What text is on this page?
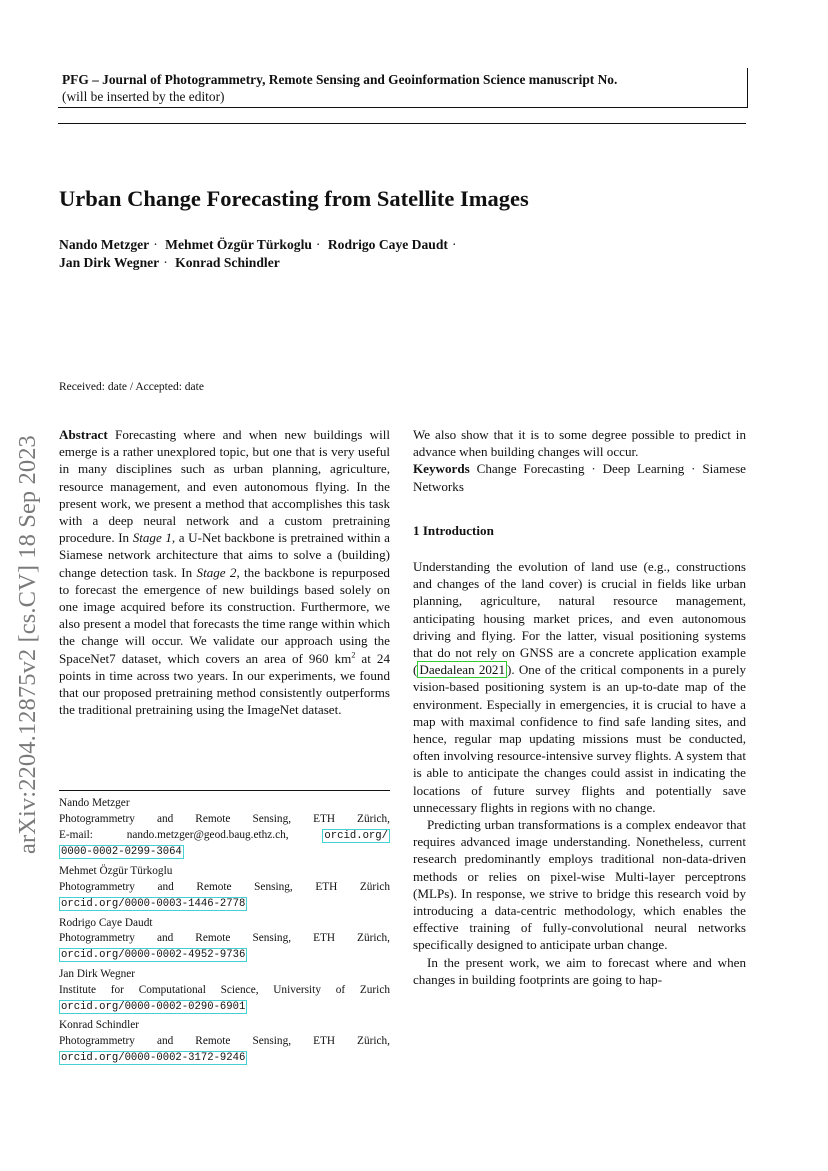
PFG – Journal of Photogrammetry, Remote Sensing and Geoinformation Science manuscript No.
(will be inserted by the editor)
Urban Change Forecasting from Satellite Images
Nando Metzger · Mehmet Özgür Türkoglu · Rodrigo Caye Daudt ·
Jan Dirk Wegner · Konrad Schindler
arXiv:2204.12875v2 [cs.CV] 18 Sep 2023
Received: date / Accepted: date
Abstract Forecasting where and when new buildings will emerge is a rather unexplored topic, but one that is very useful in many disciplines such as urban planning, agriculture, resource management, and even autonomous flying. In the present work, we present a method that accomplishes this task with a deep neural network and a custom pretraining procedure. In Stage 1, a U-Net backbone is pretrained within a Siamese network architecture that aims to solve a (building) change detection task. In Stage 2, the backbone is repurposed to forecast the emergence of new buildings based solely on one image acquired before its construction. Furthermore, we also present a model that forecasts the time range within which the change will occur. We validate our approach using the SpaceNet7 dataset, which covers an area of 960 $km^2$ at 24 points in time across two years. In our experiments, we found that our proposed pretraining method consistently outperforms the traditional pretraining using the ImageNet dataset.
Nando Metzger
Photogrammetry and Remote Sensing, ETH Zürich,
E-mail: nando.metzger@geod.baug.ethz.ch,	orcid.org/
0000-0002-0299-3064
Mehmet Özgür Türkoglu
Photogrammetry and Remote Sensing, ETH Zürich
orcid.org/0000-0003-1446-2778
Rodrigo Caye Daudt
Photogrammetry and Remote Sensing, ETH Zürich,
orcid.org/0000-0002-4952-9736
Jan Dirk Wegner
Institute for Computational Science, University of Zurich
orcid.org/0000-0002-0290-6901
Konrad Schindler
Photogrammetry and Remote Sensing, ETH Zürich,
orcid.org/0000-0002-3172-9246

We also show that it is to some degree possible to predict in advance when building changes will occur.

Keywords Change Forecasting · Deep Learning · Siamese Networks

1 Introduction

Understanding the evolution of land use (e.g., constructions and changes of the land cover) is crucial in fields like urban planning, agriculture, natural resource management, anticipating housing market prices, and even autonomous driving and flying. For the latter, visual positioning systems that do not rely on GNSS are a concrete application example ( Daedalean 2021 ). One of the critical components in a purely vision-based positioning system is an up-to-date map of the environment. Especially in emergencies, it is crucial to have a map with maximal confidence to find safe landing sites, and hence, regular map updating missions must be conducted, often involving resource-intensive survey flights. A system that is able to anticipate the changes could assist in indicating the locations of future survey flights and potentially save unnecessary flights in regions with no change.

Predicting urban transformations is a complex endeavor that requires advanced image understanding. Nonetheless, current research predominantly employs traditional non-data-driven methods or relies on pixel-wise Multi-layer perceptrons (MLPs). In response, we strive to bridge this research void by introducing a data-centric methodology, which enables the effective training of fully-convolutional neural networks specifically designed to anticipate urban change.

In the present work, we aim to forecast where and when changes in building footprints are going to hap-
